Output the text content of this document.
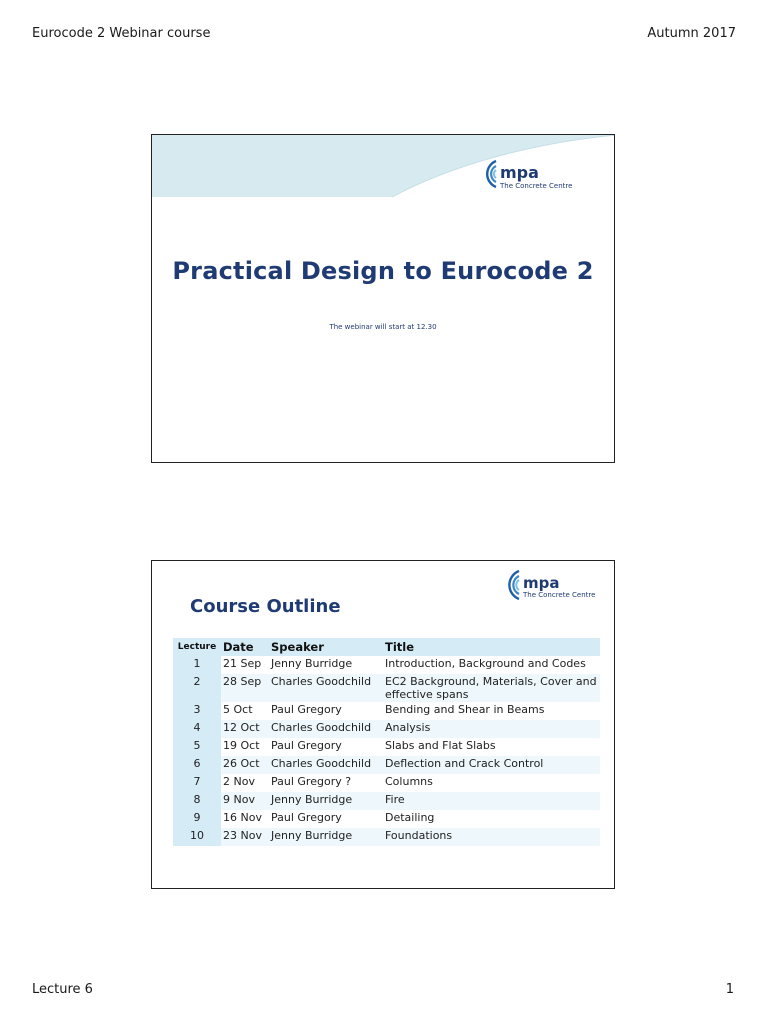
Eurocode 2 Webinar course	Autumn 2017
mpa
The Concrete Centre
Practical Design to Eurocode 2
The webinar will start at 12.30
mpa
The Concrete Centre
Course Outline
Lecture	Date	Speaker	Title
1	21 Sep	Jenny Burridge	Introduction, Background and Codes
2	28 Sep	Charles Goodchild	EC2 Background, Materials, Cover and effective spans
3	5 Oct	Paul Gregory	Bending and Shear in Beams
4	12 Oct	Charles Goodchild	Analysis
5	19 Oct	Paul Gregory	Slabs and Flat Slabs
6	26 Oct	Charles Goodchild	Deflection and Crack Control
7	2 Nov	Paul Gregory ?	Columns
8	9 Nov	Jenny Burridge	Fire
9	16 Nov	Paul Gregory	Detailing
10	23 Nov	Jenny Burridge	Foundations
Lecture 6	1
